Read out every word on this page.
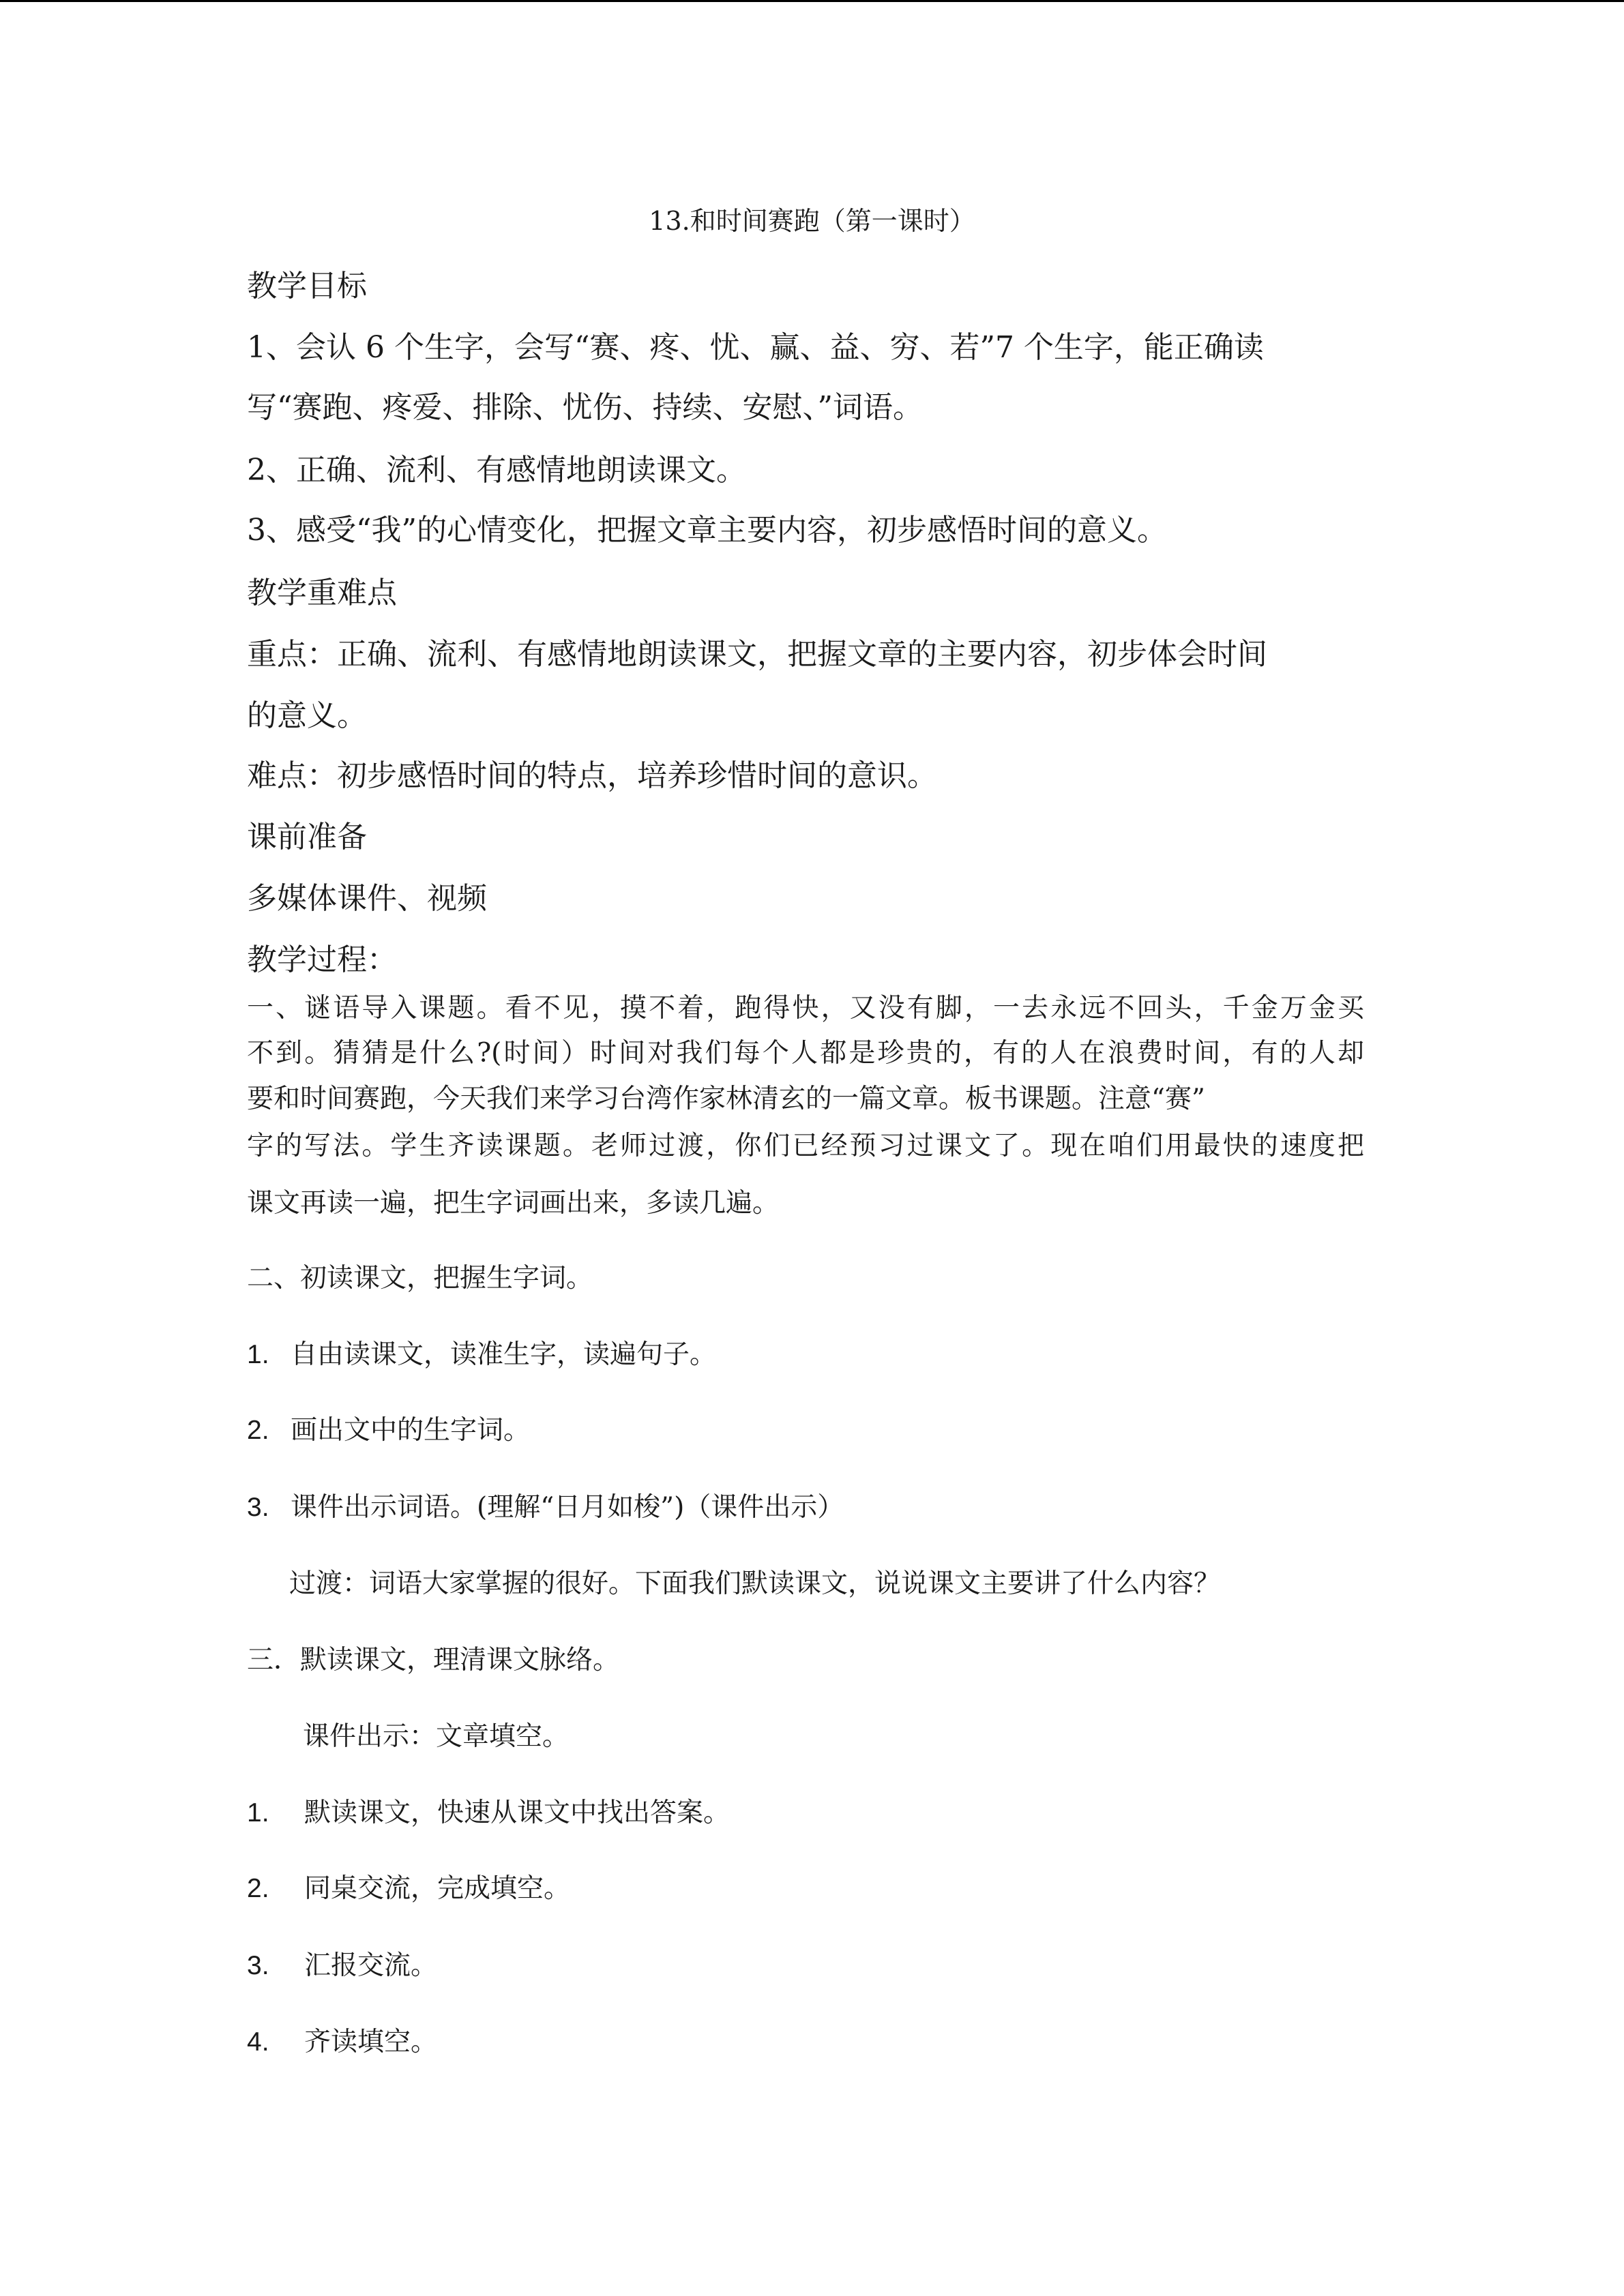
13.和时间赛跑（第一课时）
教学目标
1、会认 6 个生字，会写“赛、疼、忧、赢、益、穷、若”7 个生字，能正确读
写“赛跑、疼爱、排除、忧伤、持续、安慰、”词语。
2、正确、流利、有感情地朗读课文。
3、感受“我”的心情变化，把握文章主要内容，初步感悟时间的意义。
教学重难点
重点：正确、流利、有感情地朗读课文，把握文章的主要内容，初步体会时间
的意义。
难点：初步感悟时间的特点，培养珍惜时间的意识。
课前准备
多媒体课件、视频
教学过程：
一、谜语导入课题。看不见，摸不着，跑得快，又没有脚，一去永远不回头，千金万金买
不到。猜猜是什么?(时间）时间对我们每个人都是珍贵的，有的人在浪费时间，有的人却
要和时间赛跑，今天我们来学习台湾作家林清玄的一篇文章。板书课题。注意“赛”
字的写法。学生齐读课题。老师过渡，你们已经预习过课文了。现在咱们用最快的速度把
课文再读一遍，把生字词画出来，多读几遍。
二、初读课文，把握生字词。
1. 自由读课文，读准生字，读遍句子。
2. 画出文中的生字词。
3. 课件出示词语。(理解“日月如梭”)（课件出示）
过渡：词语大家掌握的很好。下面我们默读课文，说说课文主要讲了什么内容？
三．默读课文，理清课文脉络。
课件出示：文章填空。
1. 默读课文，快速从课文中找出答案。
2. 同桌交流，完成填空。
3. 汇报交流。
4. 齐读填空。
